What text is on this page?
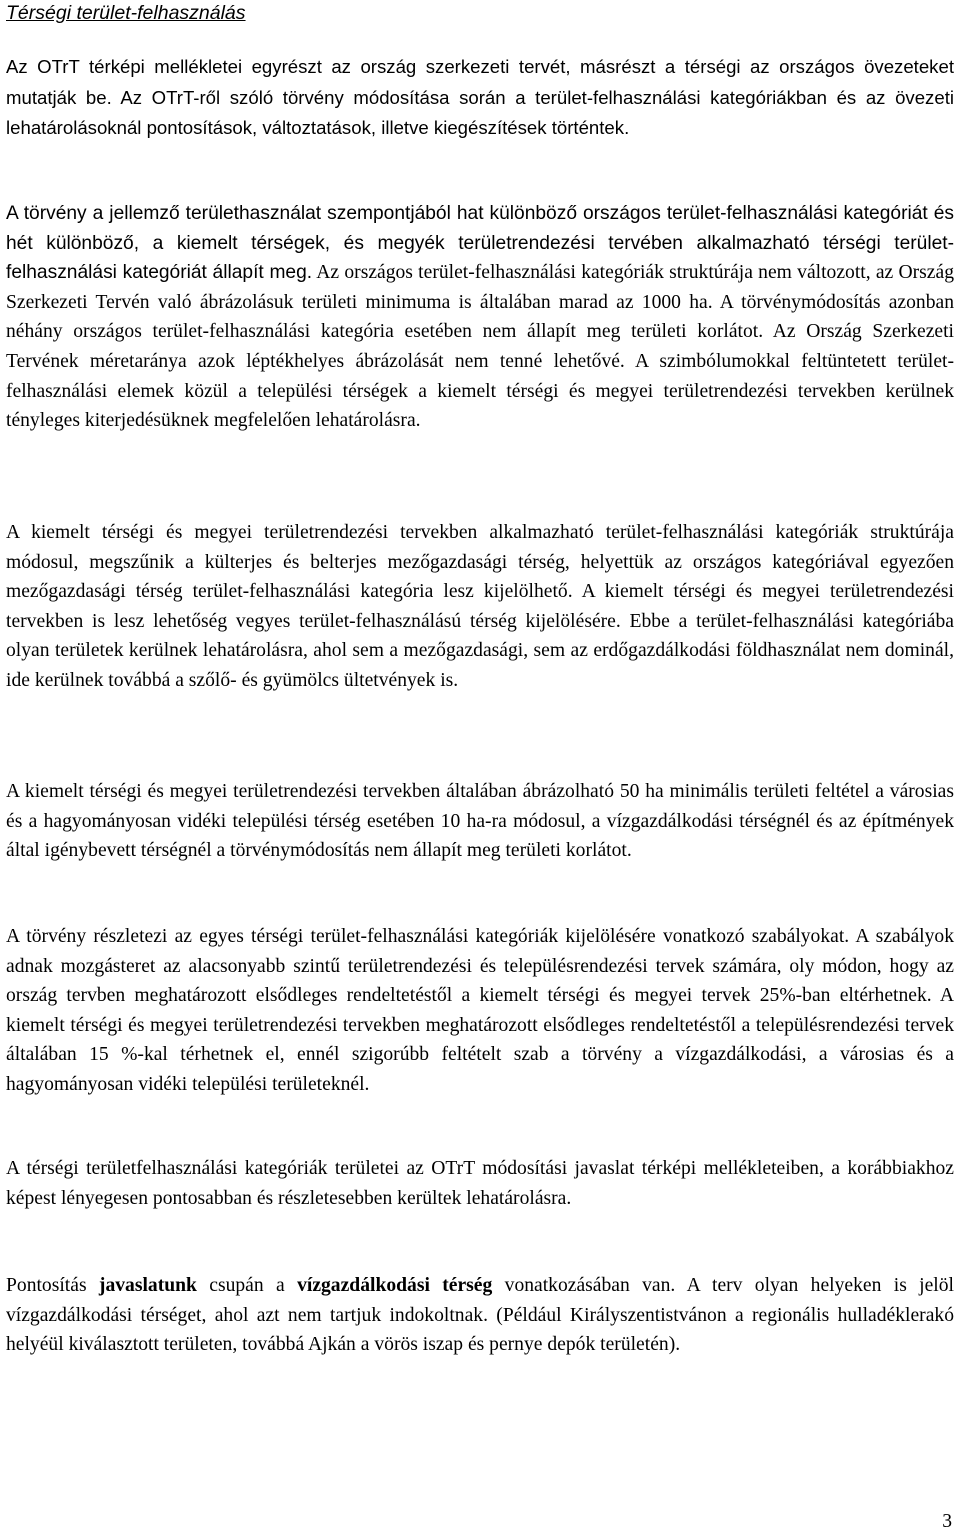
Térségi terület-felhasználás

Az OTrT térképi mellékletei egyrészt az ország szerkezeti tervét, másrészt a térségi az országos övezeteket mutatják be. Az OTrT-ről szóló törvény módosítása során a terület-felhasználási kategóriákban és az övezeti lehatárolásoknál pontosítások, változtatások, illetve kiegészítések történtek.

A törvény a jellemző területhasználat szempontjából hat különböző országos terület-felhasználási kategóriát és hét különböző, a kiemelt térségek, és megyék területrendezési tervében alkalmazható térségi terület-felhasználási kategóriát állapít meg. Az országos terület-felhasználási kategóriák struktúrája nem változott, az Ország Szerkezeti Tervén való ábrázolásuk területi minimuma is általában marad az 1000 ha. A törvénymódosítás azonban néhány országos terület-felhasználási kategória esetében nem állapít meg területi korlátot. Az Ország Szerkezeti Tervének méretaránya azok léptékhelyes ábrázolását nem tenné lehetővé. A szimbólumokkal feltüntetett terület-felhasználási elemek közül a települési térségek a kiemelt térségi és megyei területrendezési tervekben kerülnek tényleges kiterjedésüknek megfelelően lehatárolásra.

A kiemelt térségi és megyei területrendezési tervekben alkalmazható terület-felhasználási kategóriák struktúrája módosul, megszűnik a külterjes és belterjes mezőgazdasági térség, helyettük az országos kategóriával egyezően mezőgazdasági térség terület-felhasználási kategória lesz kijelölhető. A kiemelt térségi és megyei területrendezési tervekben is lesz lehetőség vegyes terület-felhasználású térség kijelölésére. Ebbe a terület-felhasználási kategóriába olyan területek kerülnek lehatárolásra, ahol sem a mezőgazdasági, sem az erdőgazdálkodási földhasználat nem dominál, ide kerülnek továbbá a szőlő- és gyümölcs ültetvények is.

A kiemelt térségi és megyei területrendezési tervekben általában ábrázolható 50 ha minimális területi feltétel a városias és a hagyományosan vidéki települési térség esetében 10 ha-ra módosul, a vízgazdálkodási térségnél és az építmények által igénybevett térségnél a törvénymódosítás nem állapít meg területi korlátot.

A törvény részletezi az egyes térségi terület-felhasználási kategóriák kijelölésére vonatkozó szabályokat. A szabályok adnak mozgásteret az alacsonyabb szintű területrendezési és településrendezési tervek számára, oly módon, hogy az ország tervben meghatározott elsődleges rendeltetéstől a kiemelt térségi és megyei tervek 25%-ban eltérhetnek. A kiemelt térségi és megyei területrendezési tervekben meghatározott elsődleges rendeltetéstől a településrendezési tervek általában 15 %-kal térhetnek el, ennél szigorúbb feltételt szab a törvény a vízgazdálkodási, a városias és a hagyományosan vidéki települési területeknél.

A térségi területfelhasználási kategóriák területei az OTrT módosítási javaslat térképi mellékleteiben, a korábbiakhoz képest lényegesen pontosabban és részletesebben kerültek lehatárolásra.

Pontosítás javaslatunk csupán a vízgazdálkodási térség vonatkozásában van. A terv olyan helyeken is jelöl vízgazdálkodási térséget, ahol azt nem tartjuk indokoltnak. (Például Királyszentistvánon a regionális hulladéklerakó helyéül kiválasztott területen, továbbá Ajkán a vörös iszap és pernye depók területén).

3
